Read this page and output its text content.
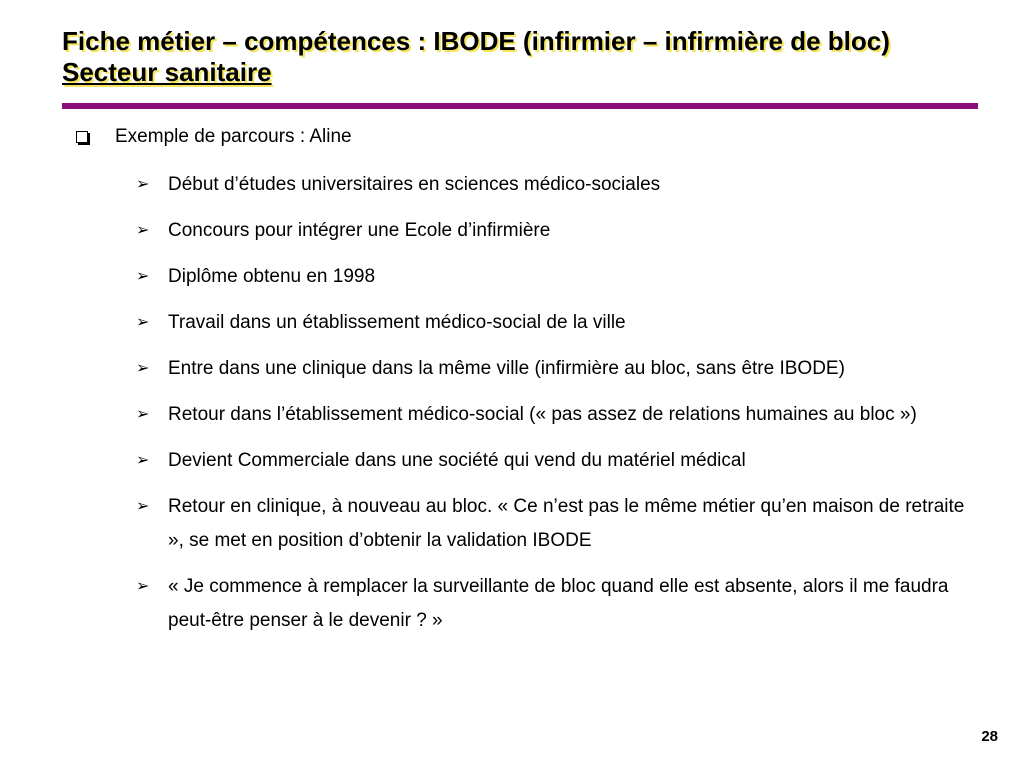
Fiche métier – compétences : IBODE (infirmier – infirmière de bloc)
Secteur sanitaire
Exemple de parcours : Aline
➢ Début d’études universitaires en sciences médico-sociales
➢ Concours pour intégrer une Ecole d’infirmière
➢ Diplôme obtenu en 1998
➢ Travail dans un établissement médico-social de la ville
➢ Entre dans une clinique dans la même ville (infirmière au bloc, sans être IBODE)
➢ Retour dans l’établissement médico-social (« pas assez de relations humaines au bloc »)
➢ Devient Commerciale dans une société qui vend du matériel médical
➢ Retour en clinique, à nouveau au bloc. « Ce n’est pas le même métier qu’en maison de retraite », se met en position d’obtenir la validation IBODE
➢ « Je commence à remplacer la surveillante de bloc quand elle est absente, alors il me faudra peut-être penser à le devenir ? »
28
